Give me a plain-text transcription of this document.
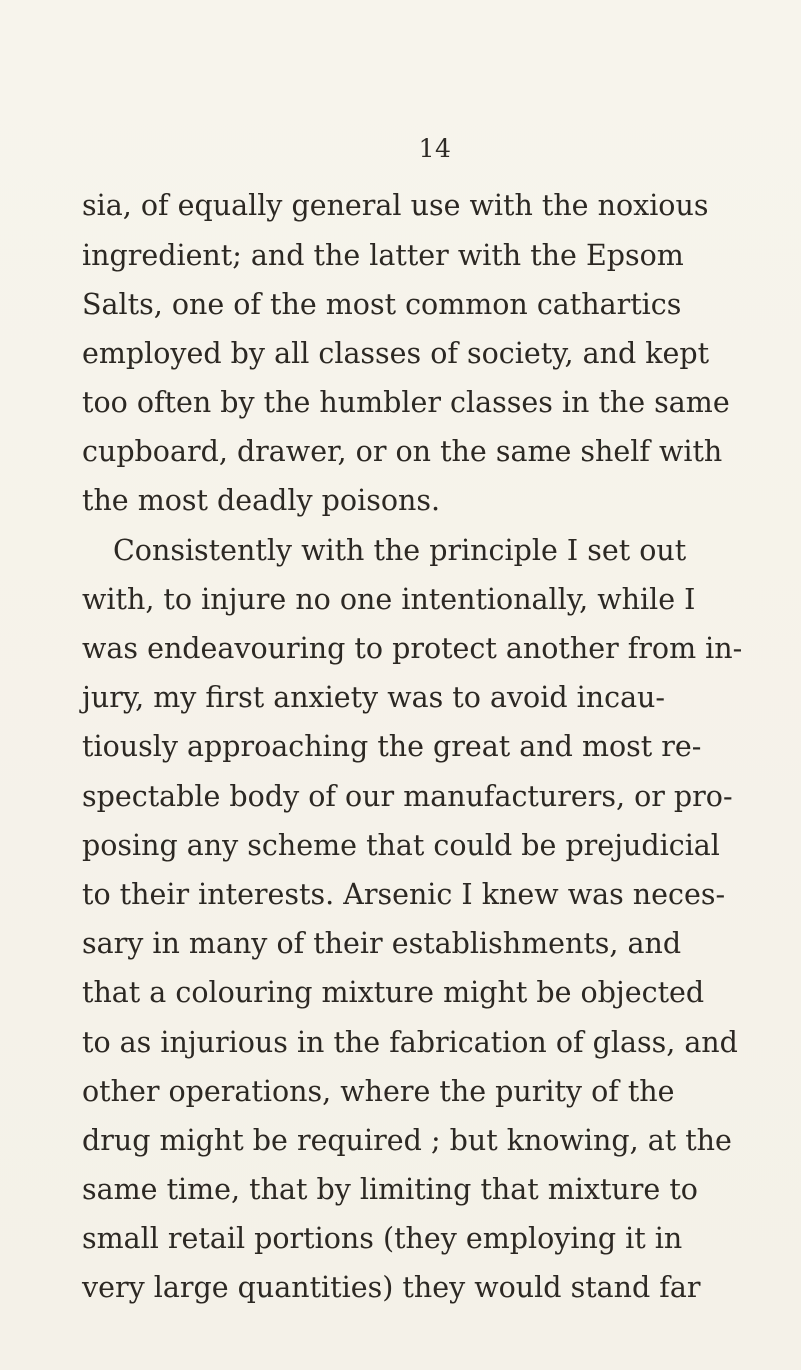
14
sia, of equally general use with the noxious
ingredient; and the latter with the Epsom
Salts, one of the most common cathartics
employed by all classes of society, and kept
too often by the humbler classes in the same
cupboard, drawer, or on the same shelf with
the most deadly poisons.
Consistently with the principle I set out
with, to injure no one intentionally, while I
was endeavouring to protect another from in-
jury, my first anxiety was to avoid incau-
tiously approaching the great and most re-
spectable body of our manufacturers, or pro-
posing any scheme that could be prejudicial
to their interests. Arsenic I knew was neces-
sary in many of their establishments, and
that a colouring mixture might be objected
to as injurious in the fabrication of glass, and
other operations, where the purity of the
drug might be required ; but knowing, at the
same time, that by limiting that mixture to
small retail portions (they employing it in
very large quantities) they would stand far
